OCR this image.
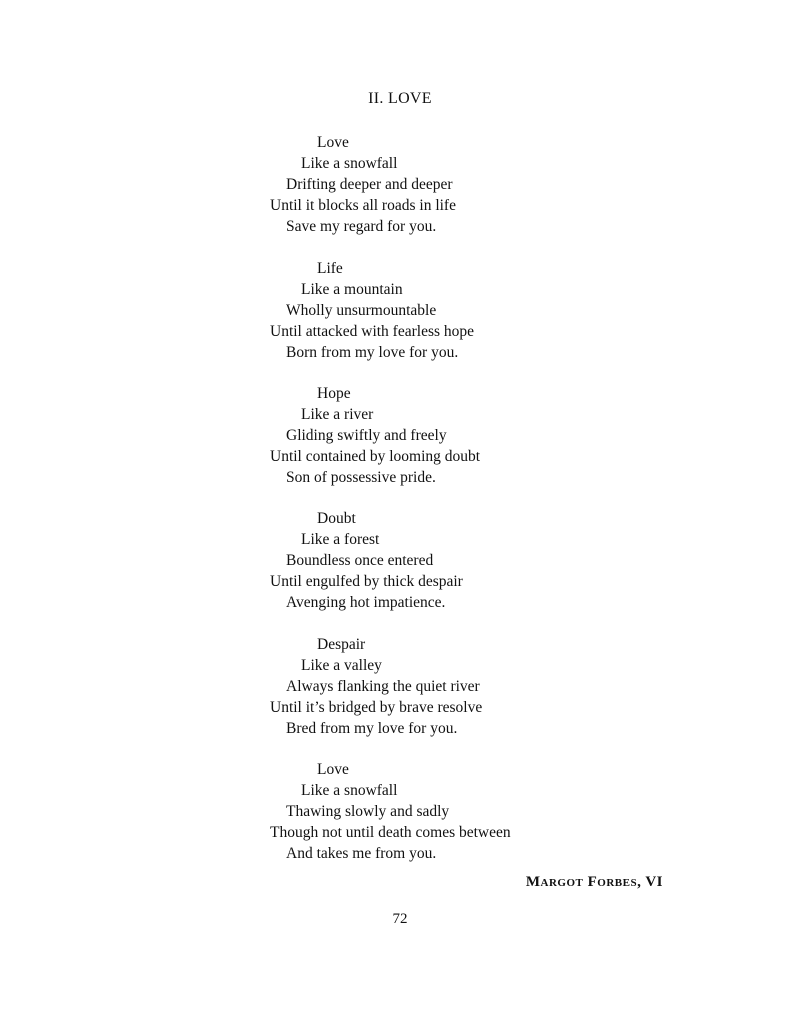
II. LOVE
Love
Like a snowfall
Drifting deeper and deeper
Until it blocks all roads in life
Save my regard for you.
Life
Like a mountain
Wholly unsurmountable
Until attacked with fearless hope
Born from my love for you.
Hope
Like a river
Gliding swiftly and freely
Until contained by looming doubt
Son of possessive pride.
Doubt
Like a forest
Boundless once entered
Until engulfed by thick despair
Avenging hot impatience.
Despair
Like a valley
Always flanking the quiet river
Until it’s bridged by brave resolve
Bred from my love for you.
Love
Like a snowfall
Thawing slowly and sadly
Though not until death comes between
And takes me from you.
Margot Forbes, VI
72
